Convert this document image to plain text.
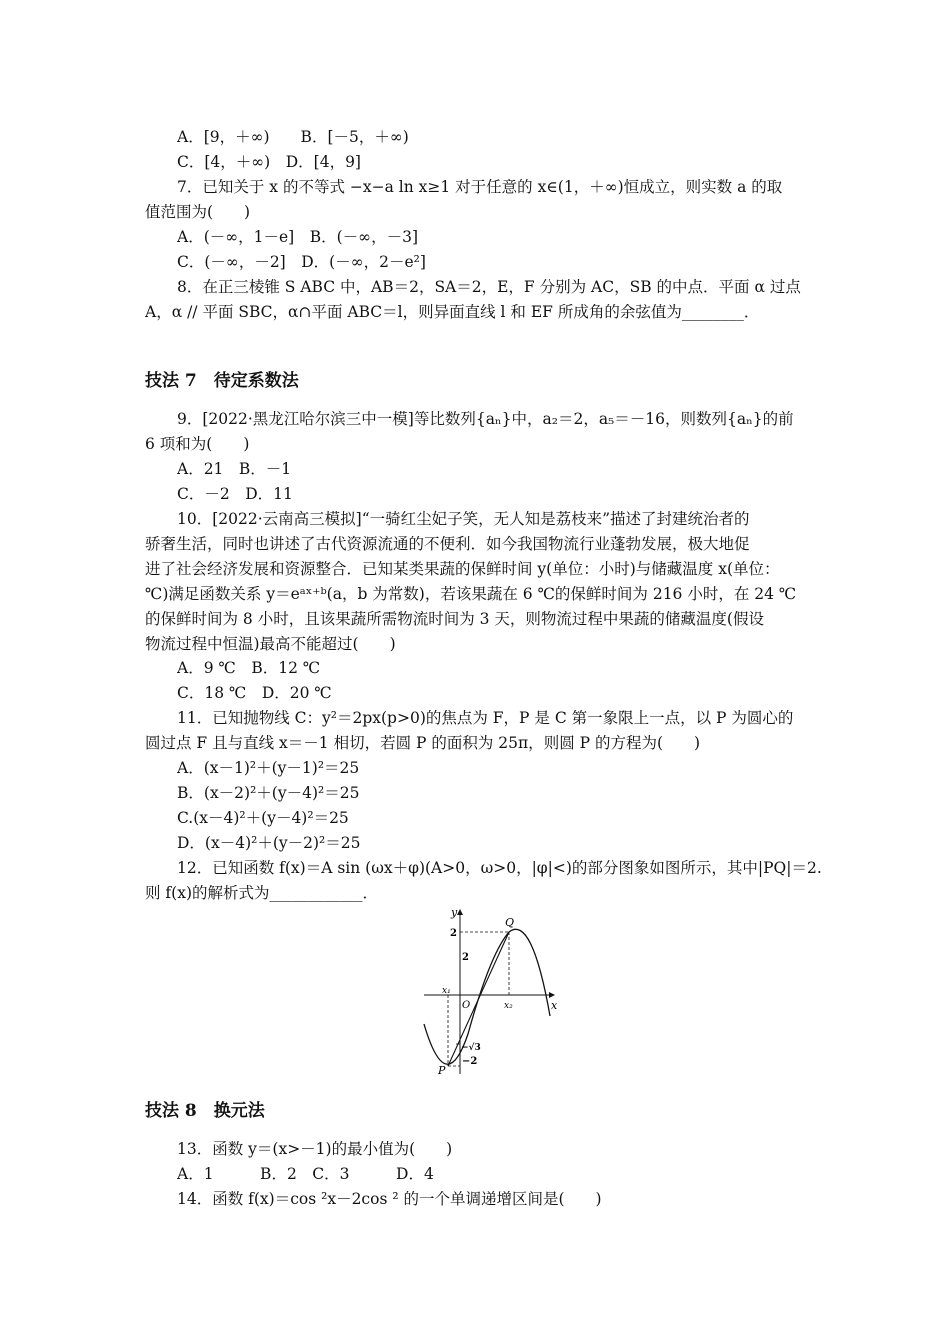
A．[9，＋∞)　　B．[－5，＋∞)
C．[4，＋∞)　D．[4，9]
7．已知关于 x 的不等式 −x−a ln x≥1 对于任意的 x∈(1，＋∞)恒成立，则实数 a 的取
值范围为(　　)
A．(－∞，1－e]　B．(－∞，－3]
C．(－∞，－2]　D．(－∞，2－e²]
8．在正三棱锥 S ABC 中，AB＝2，SA＝2，E，F 分别为 AC，SB 的中点．平面 α 过点
A，α // 平面 SBC，α∩平面 ABC＝l，则异面直线 l 和 EF 所成角的余弦值为________．
技法 7　待定系数法
9．[2022·黑龙江哈尔滨三中一模]等比数列{aₙ}中，a₂＝2，a₅＝－16，则数列{aₙ}的前
6 项和为(　　)
A．21　B．－1
C．－2　D．11
10．[2022·云南高三模拟]“一骑红尘妃子笑，无人知是荔枝来”描述了封建统治者的
骄奢生活，同时也讲述了古代资源流通的不便利．如今我国物流行业蓬勃发展，极大地促
进了社会经济发展和资源整合．已知某类果蔬的保鲜时间 y(单位：小时)与储藏温度 x(单位：
℃)满足函数关系 y＝eᵃˣ⁺ᵇ(a，b 为常数)，若该果蔬在 6 ℃的保鲜时间为 216 小时，在 24 ℃
的保鲜时间为 8 小时，且该果蔬所需物流时间为 3 天，则物流过程中果蔬的储藏温度(假设
物流过程中恒温)最高不能超过(　　)
A．9 ℃　B．12 ℃
C．18 ℃　D．20 ℃
11．已知抛物线 C：y²＝2px(p>0)的焦点为 F，P 是 C 第一象限上一点，以 P 为圆心的
圆过点 F 且与直线 x＝－1 相切，若圆 P 的面积为 25π，则圆 P 的方程为(　　)
A．(x－1)²＋(y－1)²＝25
B．(x－2)²＋(y－4)²＝25
C.(x－4)²＋(y－4)²＝25
D．(x－4)²＋(y－2)²＝25
12．已知函数 f(x)＝A sin (ωx＋φ)(A>0，ω>0，|φ|<)的部分图象如图所示，其中|PQ|＝2.
则 f(x)的解析式为____________．
y
x
O
Q
P
2
2
x₁
x₂
−√3
−2
技法 8　换元法
13．函数 y＝(x>－1)的最小值为(　　)
A．1　　　B．2　C．3　　　D．4
14．函数 f(x)＝cos ²x－2cos ² 的一个单调递增区间是(　　)
